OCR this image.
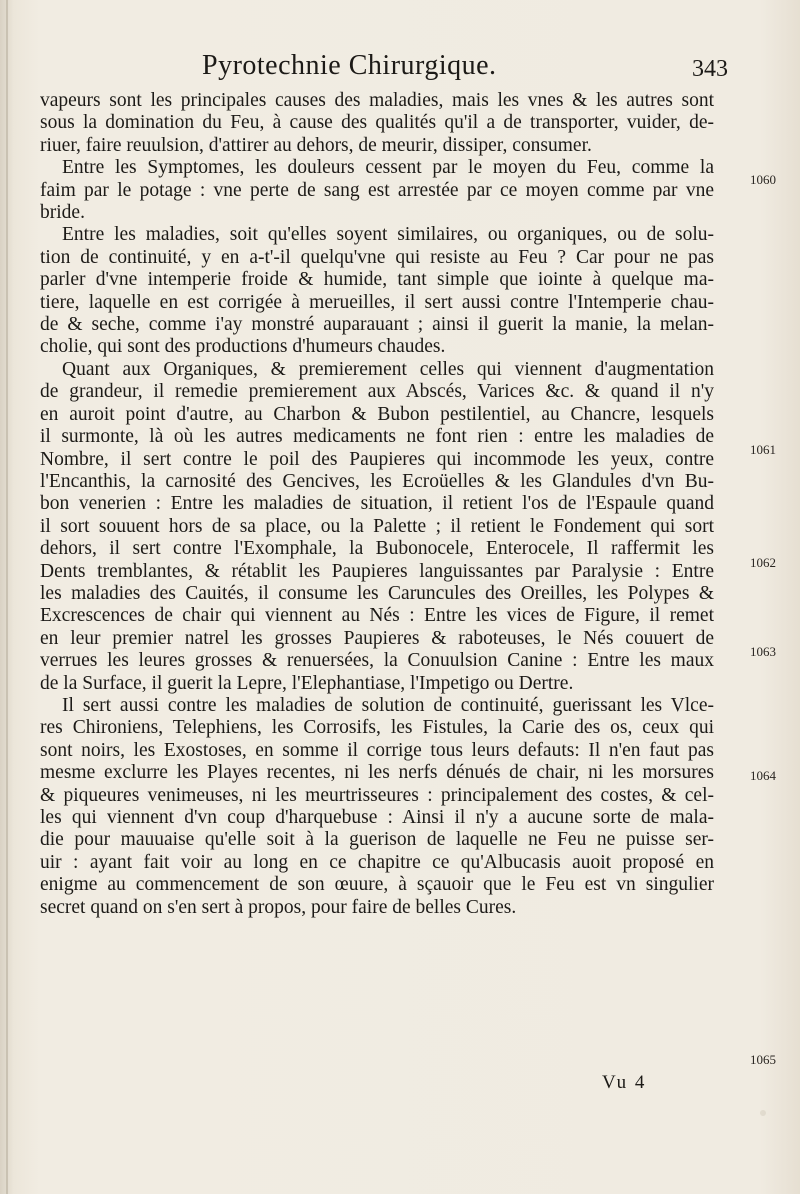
Pyrotechnie Chirurgique.	343
vapeurs sont les principales causes des maladies, mais les vnes & les autres sont
sous la domination du Feu, à cause des qualités qu'il a de transporter, vuider, de-
riuer, faire reuulsion, d'attirer au dehors, de meurir, dissiper, consumer.
Entre les Symptomes, les douleurs cessent par le moyen du Feu, comme la
faim par le potage : vne perte de sang est arrestée par ce moyen comme par vne
bride.
Entre les maladies, soit qu'elles soyent similaires, ou organiques, ou de solu-
tion de continuité, y en a-t'-il quelqu'vne qui resiste au Feu ? Car pour ne pas
parler d'vne intemperie froide & humide, tant simple que iointe à quelque ma-
tiere, laquelle en est corrigée à merueilles, il sert aussi contre l'Intemperie chau-
de & seche, comme i'ay monstré auparauant ; ainsi il guerit la manie, la melan-
cholie, qui sont des productions d'humeurs chaudes.
Quant aux Organiques, & premierement celles qui viennent d'augmentation
de grandeur, il remedie premierement aux Abscés, Varices &c. & quand il n'y
en auroit point d'autre, au Charbon & Bubon pestilentiel, au Chancre, lesquels
il surmonte, là où les autres medicaments ne font rien : entre les maladies de
Nombre, il sert contre le poil des Paupieres qui incommode les yeux, contre
l'Encanthis, la carnosité des Gencives, les Ecroüelles & les Glandules d'vn Bu-
bon venerien : Entre les maladies de situation, il retient l'os de l'Espaule quand
il sort souuent hors de sa place, ou la Palette ; il retient le Fondement qui sort
dehors, il sert contre l'Exomphale, la Bubonocele, Enterocele, Il raffermit les
Dents tremblantes, & rétablit les Paupieres languissantes par Paralysie : Entre
les maladies des Cauités, il consume les Caruncules des Oreilles, les Polypes &
Excrescences de chair qui viennent au Nés : Entre les vices de Figure, il remet
en leur premier natrel les grosses Paupieres & raboteuses, le Nés couuert de
verrues les leures grosses & renuersées, la Conuulsion Canine : Entre les maux
de la Surface, il guerit la Lepre, l'Elephantiase, l'Impetigo ou Dertre.
Il sert aussi contre les maladies de solution de continuité, guerissant les Vlce-
res Chironiens, Telephiens, les Corrosifs, les Fistules, la Carie des os, ceux qui
sont noirs, les Exostoses, en somme il corrige tous leurs defauts: Il n'en faut pas
mesme exclurre les Playes recentes, ni les nerfs dénués de chair, ni les morsures
& piqueures venimeuses, ni les meurtrisseures : principalement des costes, & cel-
les qui viennent d'vn coup d'harquebuse : Ainsi il n'y a aucune sorte de mala-
die pour mauuaise qu'elle soit à la guerison de laquelle ne Feu ne puisse ser-
uir : ayant fait voir au long en ce chapitre ce qu'Albucasis auoit proposé en
enigme au commencement de son œuure, à sçauoir que le Feu est vn singulier
secret quand on s'en sert à propos, pour faire de belles Cures.
1060
1061
1062
1063
1064
1065
Vu 4
